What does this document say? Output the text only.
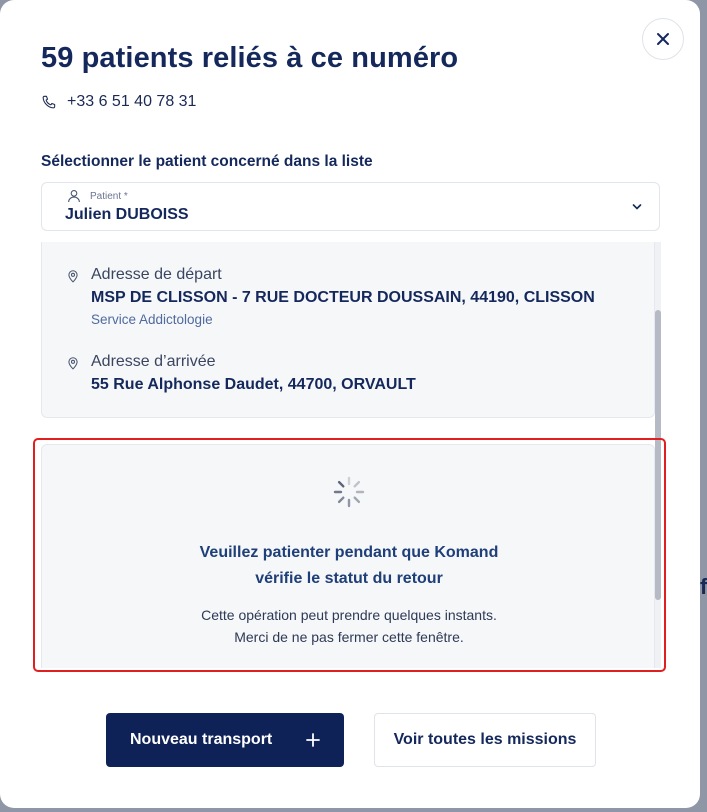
f
59 patients reliés à ce numéro
+33 6 51 40 78 31
Sélectionner le patient concerné dans la liste
Patient *
Julien DUBOISS
Adresse de départ
MSP DE CLISSON - 7 RUE DOCTEUR DOUSSAIN, 44190, CLISSON
Service Addictologie
Adresse d’arrivée
55 Rue Alphonse Daudet, 44700, ORVAULT
Veuillez patienter pendant que Komand
vérifie le statut du retour
Cette opération peut prendre quelques instants.
Merci de ne pas fermer cette fenêtre.
Nouveau transport	Voir toutes les missions
